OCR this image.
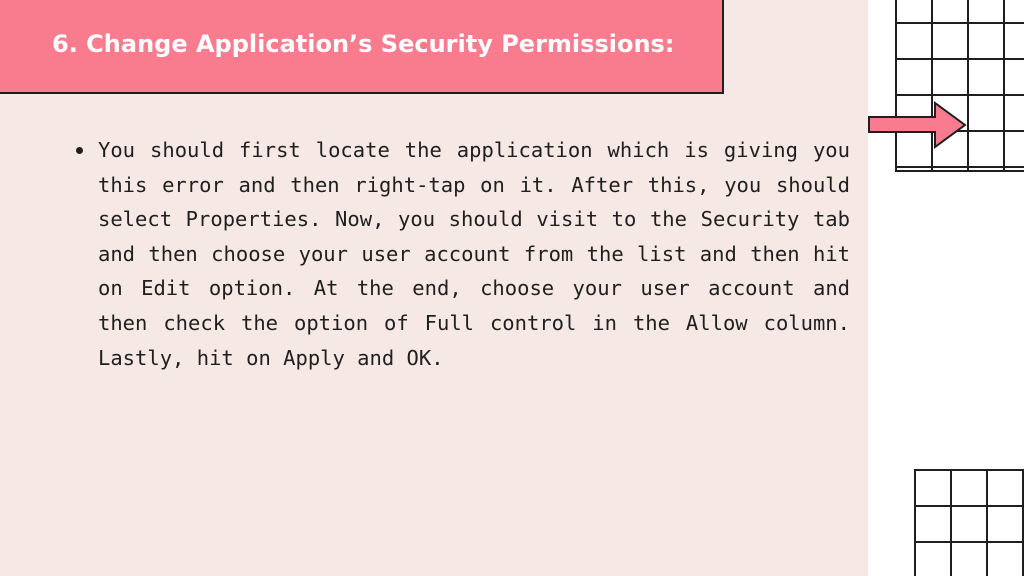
6. Change Application’s Security Permissions:
You should first locate the application which is giving you this error and then right-tap on it. After this, you should select Properties. Now, you should visit to the Security tab and then choose your user account from the list and then hit on Edit option. At the end, choose your user account and then check the option of Full control in the Allow column. Lastly, hit on Apply and OK.
